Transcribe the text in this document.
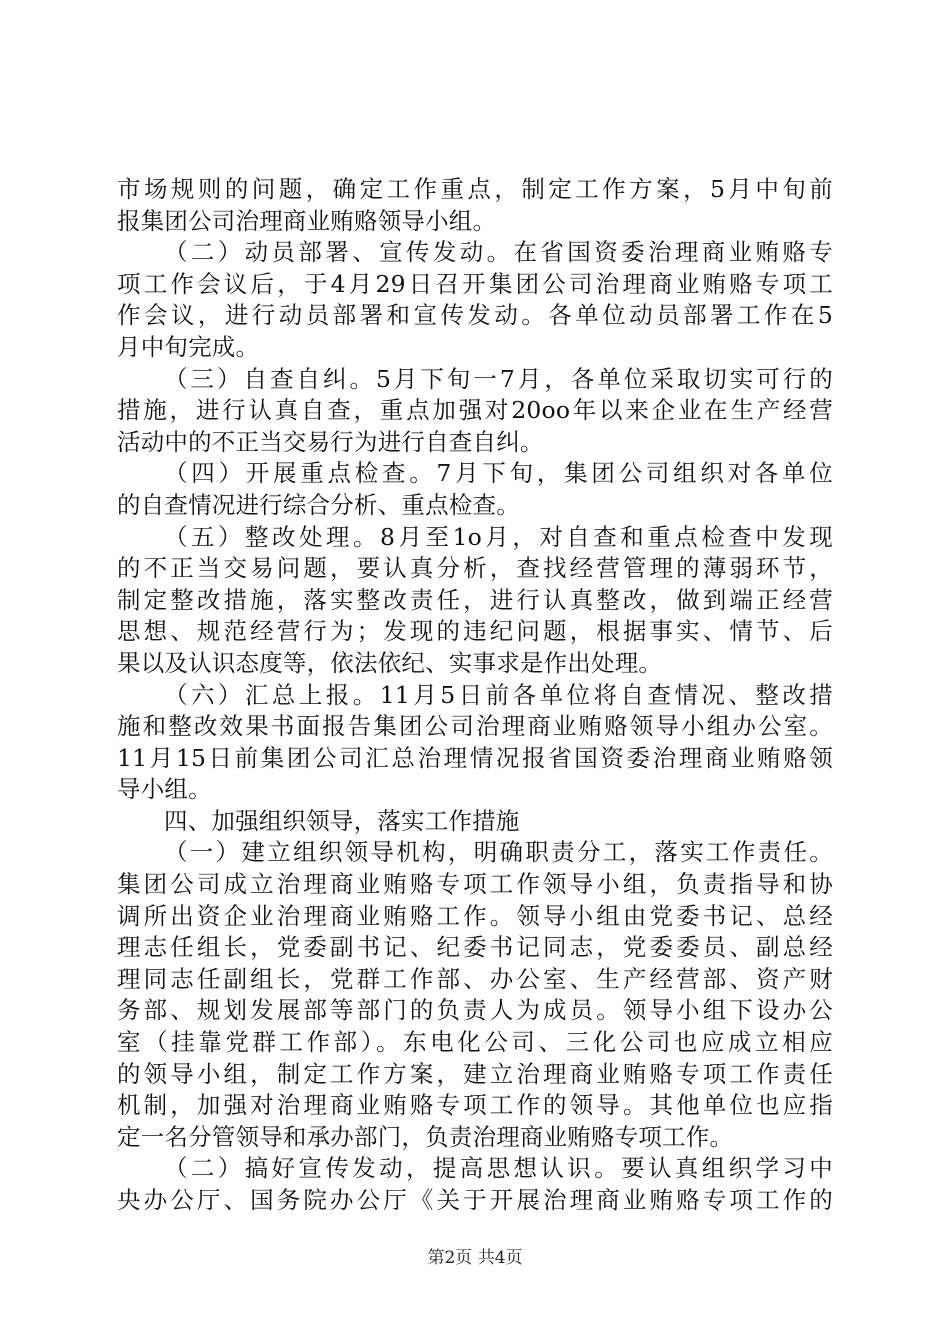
市场规则的问题，确定工作重点，制定工作方案，5月中旬前
报集团公司治理商业贿赂领导小组。
（二）动员部署、宣传发动。在省国资委治理商业贿赂专
项工作会议后，于4月29日召开集团公司治理商业贿赂专项工
作会议，进行动员部署和宣传发动。各单位动员部署工作在5
月中旬完成。
（三）自查自纠。5月下旬一7月，各单位采取切实可行的
措施，进行认真自查，重点加强对20oo年以来企业在生产经营
活动中的不正当交易行为进行自查自纠。
（四）开展重点检查。7月下旬，集团公司组织对各单位
的自查情况进行综合分析、重点检查。
（五）整改处理。8月至1o月，对自查和重点检查中发现
的不正当交易问题，要认真分析，查找经营管理的薄弱环节，
制定整改措施，落实整改责任，进行认真整改，做到端正经营
思想、规范经营行为；发现的违纪问题，根据事实、情节、后
果以及认识态度等，依法依纪、实事求是作出处理。
（六）汇总上报。11月5日前各单位将自查情况、整改措
施和整改效果书面报告集团公司治理商业贿赂领导小组办公室。
11月15日前集团公司汇总治理情况报省国资委治理商业贿赂领
导小组。
四、加强组织领导，落实工作措施
（一）建立组织领导机构，明确职责分工，落实工作责任。
集团公司成立治理商业贿赂专项工作领导小组，负责指导和协
调所出资企业治理商业贿赂工作。领导小组由党委书记、总经
理志任组长，党委副书记、纪委书记同志，党委委员、副总经
理同志任副组长，党群工作部、办公室、生产经营部、资产财
务部、规划发展部等部门的负责人为成员。领导小组下设办公
室（挂靠党群工作部）。东电化公司、三化公司也应成立相应
的领导小组，制定工作方案，建立治理商业贿赂专项工作责任
机制，加强对治理商业贿赂专项工作的领导。其他单位也应指
定一名分管领导和承办部门，负责治理商业贿赂专项工作。
（二）搞好宣传发动，提高思想认识。要认真组织学习中
央办公厅、国务院办公厅《关于开展治理商业贿赂专项工作的
第2页 共4页
